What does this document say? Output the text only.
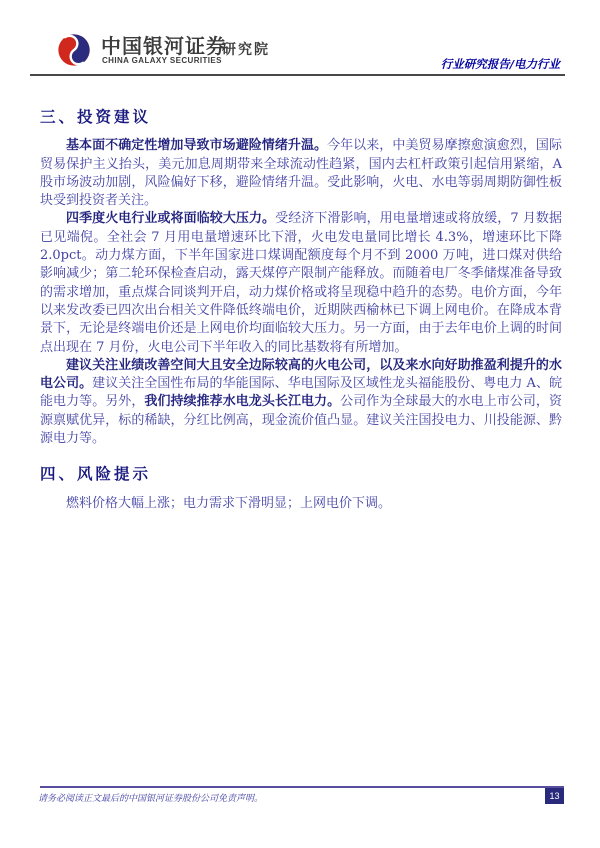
中国银河证券
CHINA GALAXY SECURITIES
研究院
行业研究报告/电力行业
三、投资建议

基本面不确定性增加导致市场避险情绪升温。今年以来，中美贸易摩擦愈演愈烈，国际贸易保护主义抬头，美元加息周期带来全球流动性趋紧，国内去杠杆政策引起信用紧缩，A 股市场波动加剧，风险偏好下移，避险情绪升温。受此影响，火电、水电等弱周期防御性板块受到投资者关注。

四季度火电行业或将面临较大压力。受经济下滑影响，用电量增速或将放缓，7 月数据已见端倪。全社会 7 月用电量增速环比下滑，火电发电量同比增长 4.3%，增速环比下降 2.0pct。动力煤方面，下半年国家进口煤调配额度每个月不到 2000 万吨，进口煤对供给影响减少；第二轮环保检查启动，露天煤停产限制产能释放。而随着电厂冬季储煤准备导致的需求增加，重点煤合同谈判开启，动力煤价格或将呈现稳中趋升的态势。电价方面，今年以来发改委已四次出台相关文件降低终端电价，近期陕西榆林已下调上网电价。在降成本背景下，无论是终端电价还是上网电价均面临较大压力。另一方面，由于去年电价上调的时间点出现在 7 月份，火电公司下半年收入的同比基数将有所增加。

建议关注业绩改善空间大且安全边际较高的火电公司，以及来水向好助推盈利提升的水电公司。建议关注全国性布局的华能国际、华电国际及区域性龙头福能股份、粤电力 A、皖能电力等。另外，我们持续推荐水电龙头长江电力。公司作为全球最大的水电上市公司，资源禀赋优异，标的稀缺，分红比例高，现金流价值凸显。建议关注国投电力、川投能源、黔源电力等。

四、风险提示

燃料价格大幅上涨；电力需求下滑明显；上网电价下调。

请务必阅读正文最后的中国银河证券股份公司免责声明。	13
